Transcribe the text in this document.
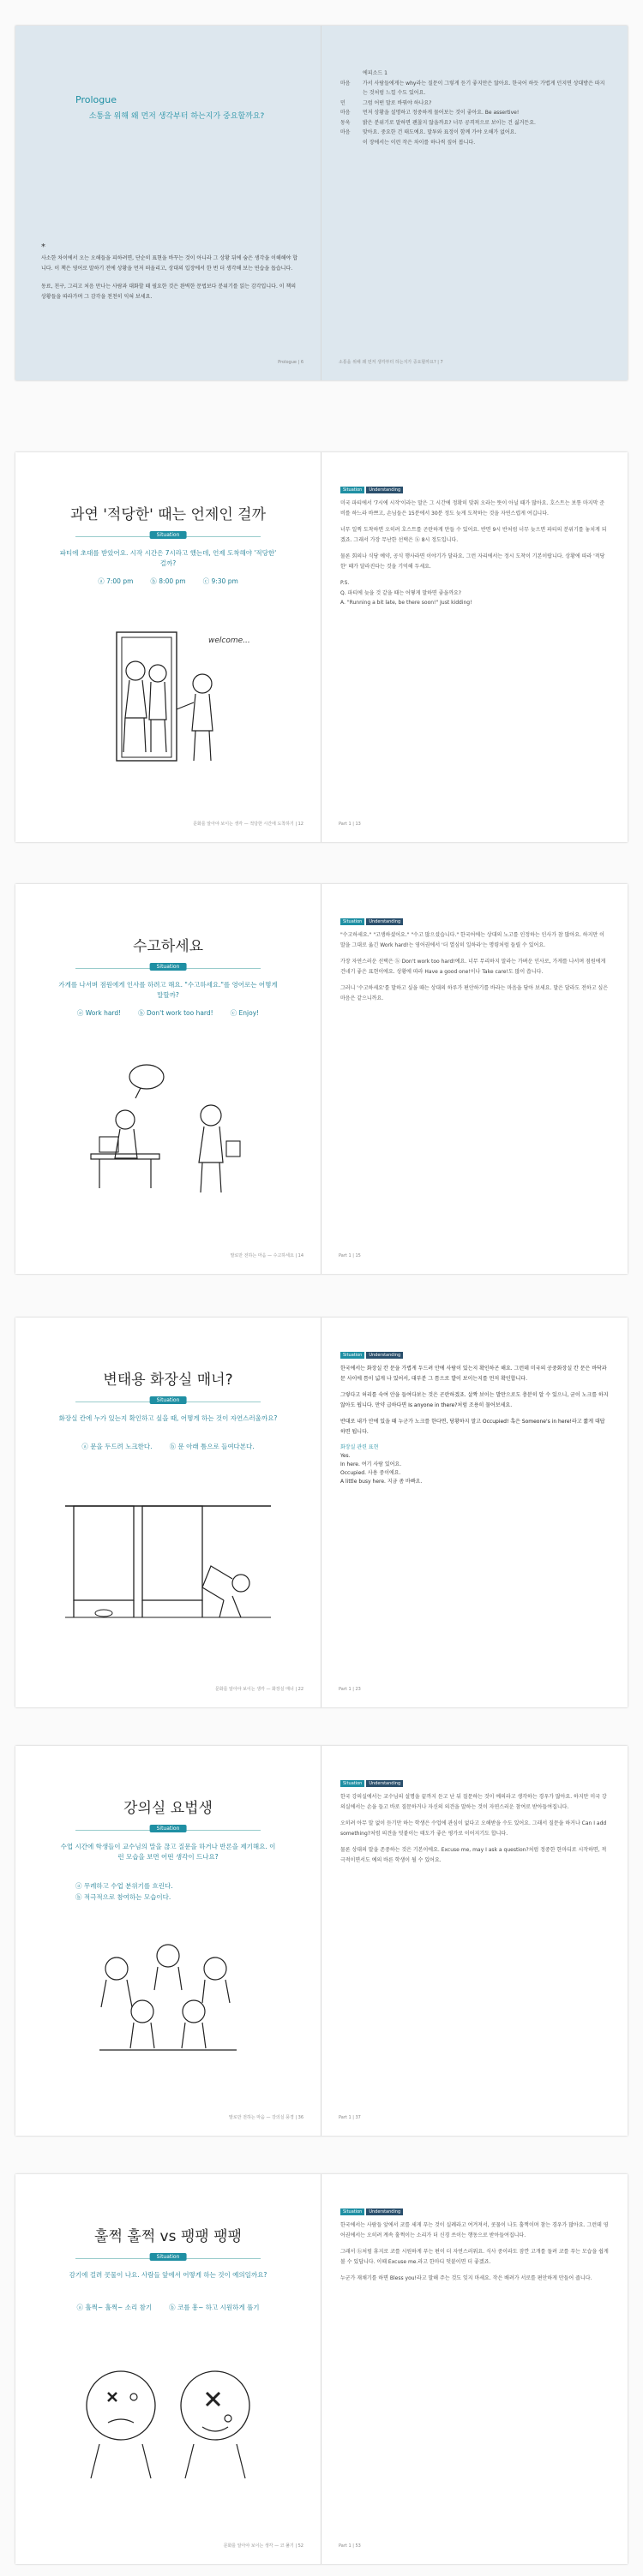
Prologue
소통을 위해 왜 먼저 생각부터 하는지가 중요할까요?
*

사소한 차이에서 오는 오해들을 피하려면, 단순히 표현을 바꾸는 것이 아니라 그 상황 뒤에 숨은 생각을 이해해야 합니다. 이 책은 영어로 말하기 전에 상황을 먼저 떠올리고, 상대의 입장에서 한 번 더 생각해 보는 연습을 돕습니다.

동료, 친구, 그리고 처음 만나는 사람과 대화할 때 필요한 것은 완벽한 문법보다 분위기를 읽는 감각입니다. 이 책의 상황들을 따라가며 그 감각을 천천히 익혀 보세요.

Prologue | 6
에피소드 1
마음	가서 사람들에게는 why라는 질문이 그렇게 듣기 좋지만은 않아요. 한국어 하듯 가볍게 던지면 상대방은 따지는 것처럼 느낄 수도 있어요.
민	그럼 어떤 말로 바꿔야 하나요?
마음	먼저 상황을 설명하고 정중하게 물어보는 것이 좋아요. Be assertive!
동욱	밝은 분위기로 말하면 괜찮지 않을까요? 너무 공격적으로 보이는 건 싫거든요.
마음	맞아요. 중요한 건 태도예요. 말투와 표정이 함께 가야 오해가 없어요.
이 장에서는 이런 작은 차이를 하나씩 짚어 봅니다.
소통을 위해 왜 먼저 생각부터 하는지가 중요할까요? | 7
과연 '적당한' 때는 언제인 걸까
Situation
파티에 초대를 받았어요. 시작 시간은 7시라고 했는데, 언제 도착해야 '적당한' 걸까?
ⓐ 7:00 pm	ⓑ 8:00 pm	ⓒ 9:30 pm
welcome...
문화를 알아야 보이는 생각 — 적당한 시간에 도착하기 | 12
Situation	Understanding

미국 파티에서 '7시에 시작'이라는 말은 그 시간에 정확히 맞춰 오라는 뜻이 아닐 때가 많아요. 호스트는 보통 마지막 준비를 하느라 바쁘고, 손님들은 15분에서 30분 정도 늦게 도착하는 것을 자연스럽게 여깁니다.

너무 일찍 도착하면 오히려 호스트를 곤란하게 만들 수 있어요. 반면 9시 반처럼 너무 늦으면 파티의 분위기를 놓치게 되겠죠. 그래서 가장 무난한 선택은 ⓑ 8시 정도입니다.

물론 회의나 식당 예약, 공식 행사라면 이야기가 달라요. 그런 자리에서는 정시 도착이 기본이랍니다. 상황에 따라 '적당한' 때가 달라진다는 것을 기억해 두세요.

P.S.

Q. 파티에 늦을 것 같을 때는 어떻게 말하면 좋을까요?

A. "Running a bit late, be there soon!" Just kidding!

Part 1 | 13
수고하세요
Situation
가게를 나서며 점원에게 인사를 하려고 해요. "수고하세요."를 영어로는 어떻게 말할까?
ⓐ Work hard!	ⓑ Don't work too hard!	ⓒ Enjoy!
말로만 전하는 마음 — 수고하세요 | 14
Situation	Understanding

"수고하세요." "고생하셨어요." "수고 많으셨습니다." 한국어에는 상대의 노고를 인정하는 인사가 참 많아요. 하지만 이 말을 그대로 옮긴 Work hard!는 영어권에서 '더 열심히 일하라'는 명령처럼 들릴 수 있어요.

가장 자연스러운 선택은 ⓑ Don't work too hard!예요. 너무 무리하지 말라는 가벼운 인사로, 가게를 나서며 점원에게 건네기 좋은 표현이에요. 상황에 따라 Have a good one!이나 Take care!도 많이 씁니다.

그러니 '수고하세요'를 말하고 싶을 때는 상대의 하루가 편안하기를 바라는 마음을 담아 보세요. 말은 달라도 전하고 싶은 마음은 같으니까요.

Part 1 | 15
변태용 화장실 매너?
Situation
화장실 칸에 누가 있는지 확인하고 싶을 때, 어떻게 하는 것이 자연스러울까요?
ⓐ 문을 두드려 노크한다.	ⓑ 문 아래 틈으로 들여다본다.
문화를 알아야 보이는 생각 — 화장실 매너 | 22
Situation	Understanding

한국에서는 화장실 칸 문을 가볍게 두드려 안에 사람이 있는지 확인하곤 해요. 그런데 미국의 공중화장실 칸 문은 바닥과 문 사이에 틈이 넓게 나 있어서, 대부분 그 틈으로 발이 보이는지를 먼저 확인합니다.

그렇다고 허리를 숙여 안을 들여다보는 것은 곤란하겠죠. 살짝 보이는 발만으로도 충분히 알 수 있으니, 굳이 노크를 하지 않아도 됩니다. 만약 급하다면 Is anyone in there?처럼 조용히 물어보세요.

반대로 내가 안에 있을 때 누군가 노크를 한다면, 당황하지 말고 Occupied! 혹은 Someone's in here!라고 짧게 대답하면 됩니다.

화장실 관련 표현
Yes.
In here. 여기 사람 있어요.
Occupied. 사용 중이에요.
A little busy here. 지금 좀 바빠요.
Part 1 | 23
강의실 요법생
Situation
수업 시간에 학생들이 교수님의 말을 끊고 질문을 하거나 반론을 제기해요. 이런 모습을 보면 어떤 생각이 드나요?
ⓐ 무례하고 수업 분위기를 흐린다.
ⓑ 적극적으로 참여하는 모습이다.
말로만 전하는 마음 — 강의실 풍경 | 36
Situation	Understanding

한국 강의실에서는 교수님의 설명을 끝까지 듣고 난 뒤 질문하는 것이 예의라고 생각하는 경우가 많아요. 하지만 미국 강의실에서는 손을 들고 바로 질문하거나 자신의 의견을 말하는 것이 자연스러운 참여로 받아들여집니다.

오히려 아무 말 없이 듣기만 하는 학생은 수업에 관심이 없다고 오해받을 수도 있어요. 그래서 질문을 하거나 Can I add something?처럼 의견을 덧붙이는 태도가 좋은 평가로 이어지기도 합니다.

물론 상대의 말을 존중하는 것은 기본이에요. Excuse me, may I ask a question?처럼 정중한 한마디로 시작하면, 적극적이면서도 예의 바른 학생이 될 수 있어요.

Part 1 | 37
훌쩍 훌쩍 vs 팽팽 팽팽
Situation
감기에 걸려 콧물이 나요. 사람들 앞에서 어떻게 하는 것이 예의일까요?
ⓐ 훌쩍~ 훌쩍~ 소리 참기	ⓑ 코를 흥~ 하고 시원하게 풀기
문화를 알아야 보이는 생각 — 코 풀기 | 52
Situation	Understanding

한국에서는 사람들 앞에서 코를 세게 푸는 것이 실례라고 여겨져서, 콧물이 나도 훌쩍이며 참는 경우가 많아요. 그런데 영어권에서는 오히려 계속 훌쩍이는 소리가 더 신경 쓰이는 행동으로 받아들여집니다.

그래서 ⓑ처럼 휴지로 코를 시원하게 푸는 편이 더 자연스러워요. 식사 중이라도 잠깐 고개를 돌려 코를 푸는 모습을 쉽게 볼 수 있답니다. 이때 Excuse me.라고 한마디 덧붙이면 더 좋겠죠.

누군가 재채기를 하면 Bless you!라고 말해 주는 것도 잊지 마세요. 작은 배려가 서로를 편안하게 만들어 줍니다.

Part 1 | 53
